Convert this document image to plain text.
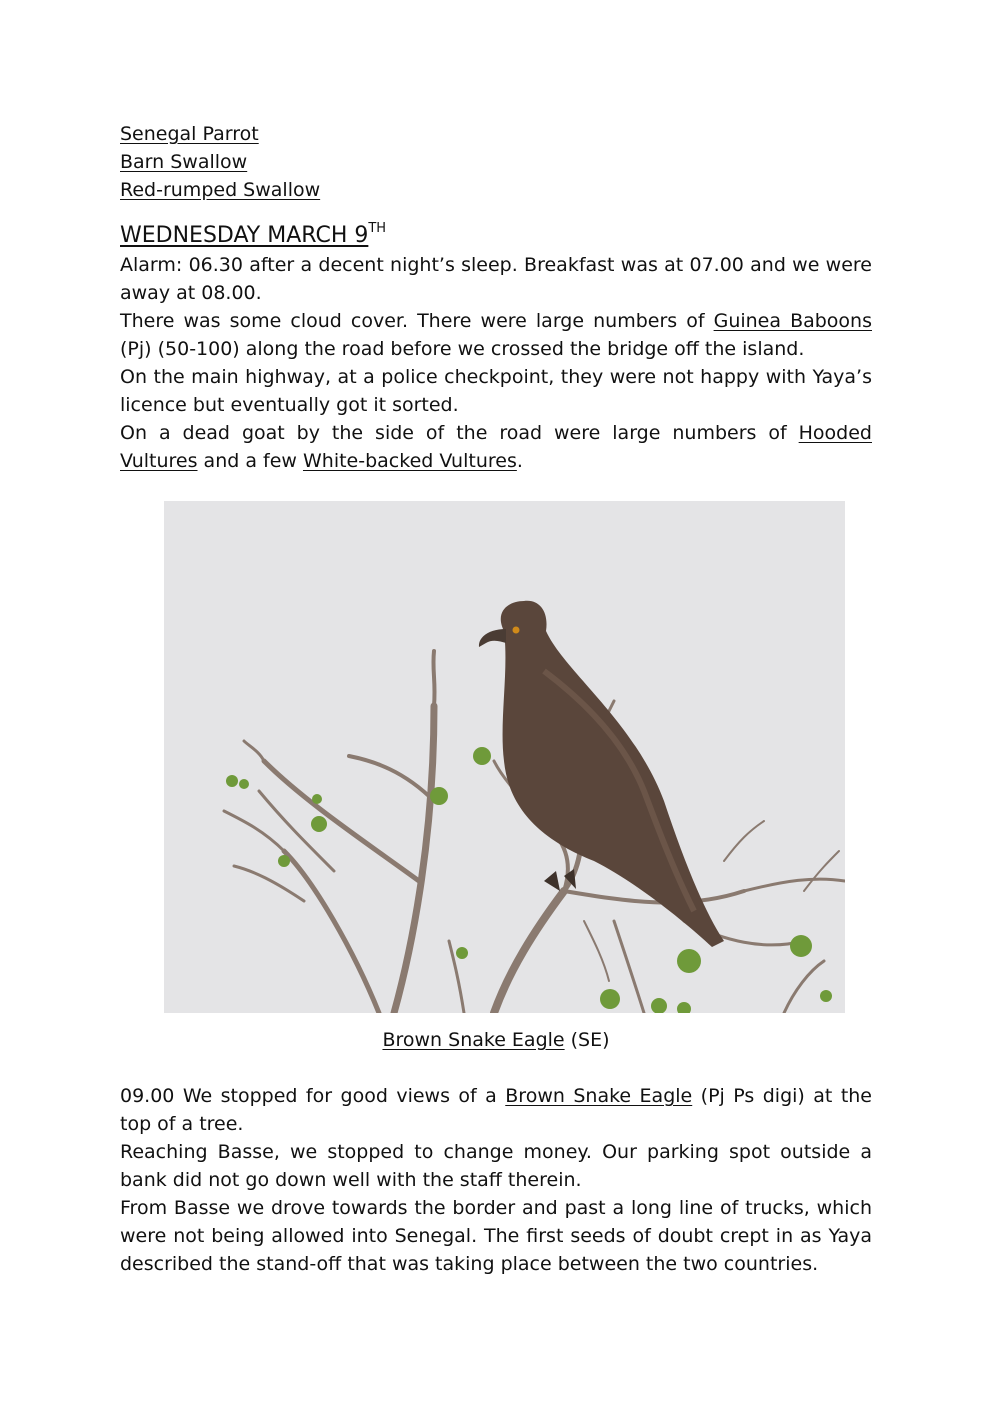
Senegal Parrot

Barn Swallow

Red-rumped Swallow

WEDNESDAY MARCH 9TH

Alarm: 06.30 after a decent night’s sleep. Breakfast was at 07.00 and we were away at 08.00.

There was some cloud cover. There were large numbers of Guinea Baboons (Pj) (50-100) along the road before we crossed the bridge off the island.

On the main highway, at a police checkpoint, they were not happy with Yaya’s licence but eventually got it sorted.

On a dead goat by the side of the road were large numbers of Hooded Vultures and a few White-backed Vultures.

Brown Snake Eagle (SE)

09.00 We stopped for good views of a Brown Snake Eagle (Pj Ps digi) at the top of a tree.

Reaching Basse, we stopped to change money. Our parking spot outside a bank did not go down well with the staff therein.

From Basse we drove towards the border and past a long line of trucks, which were not being allowed into Senegal. The first seeds of doubt crept in as Yaya described the stand-off that was taking place between the two countries.
